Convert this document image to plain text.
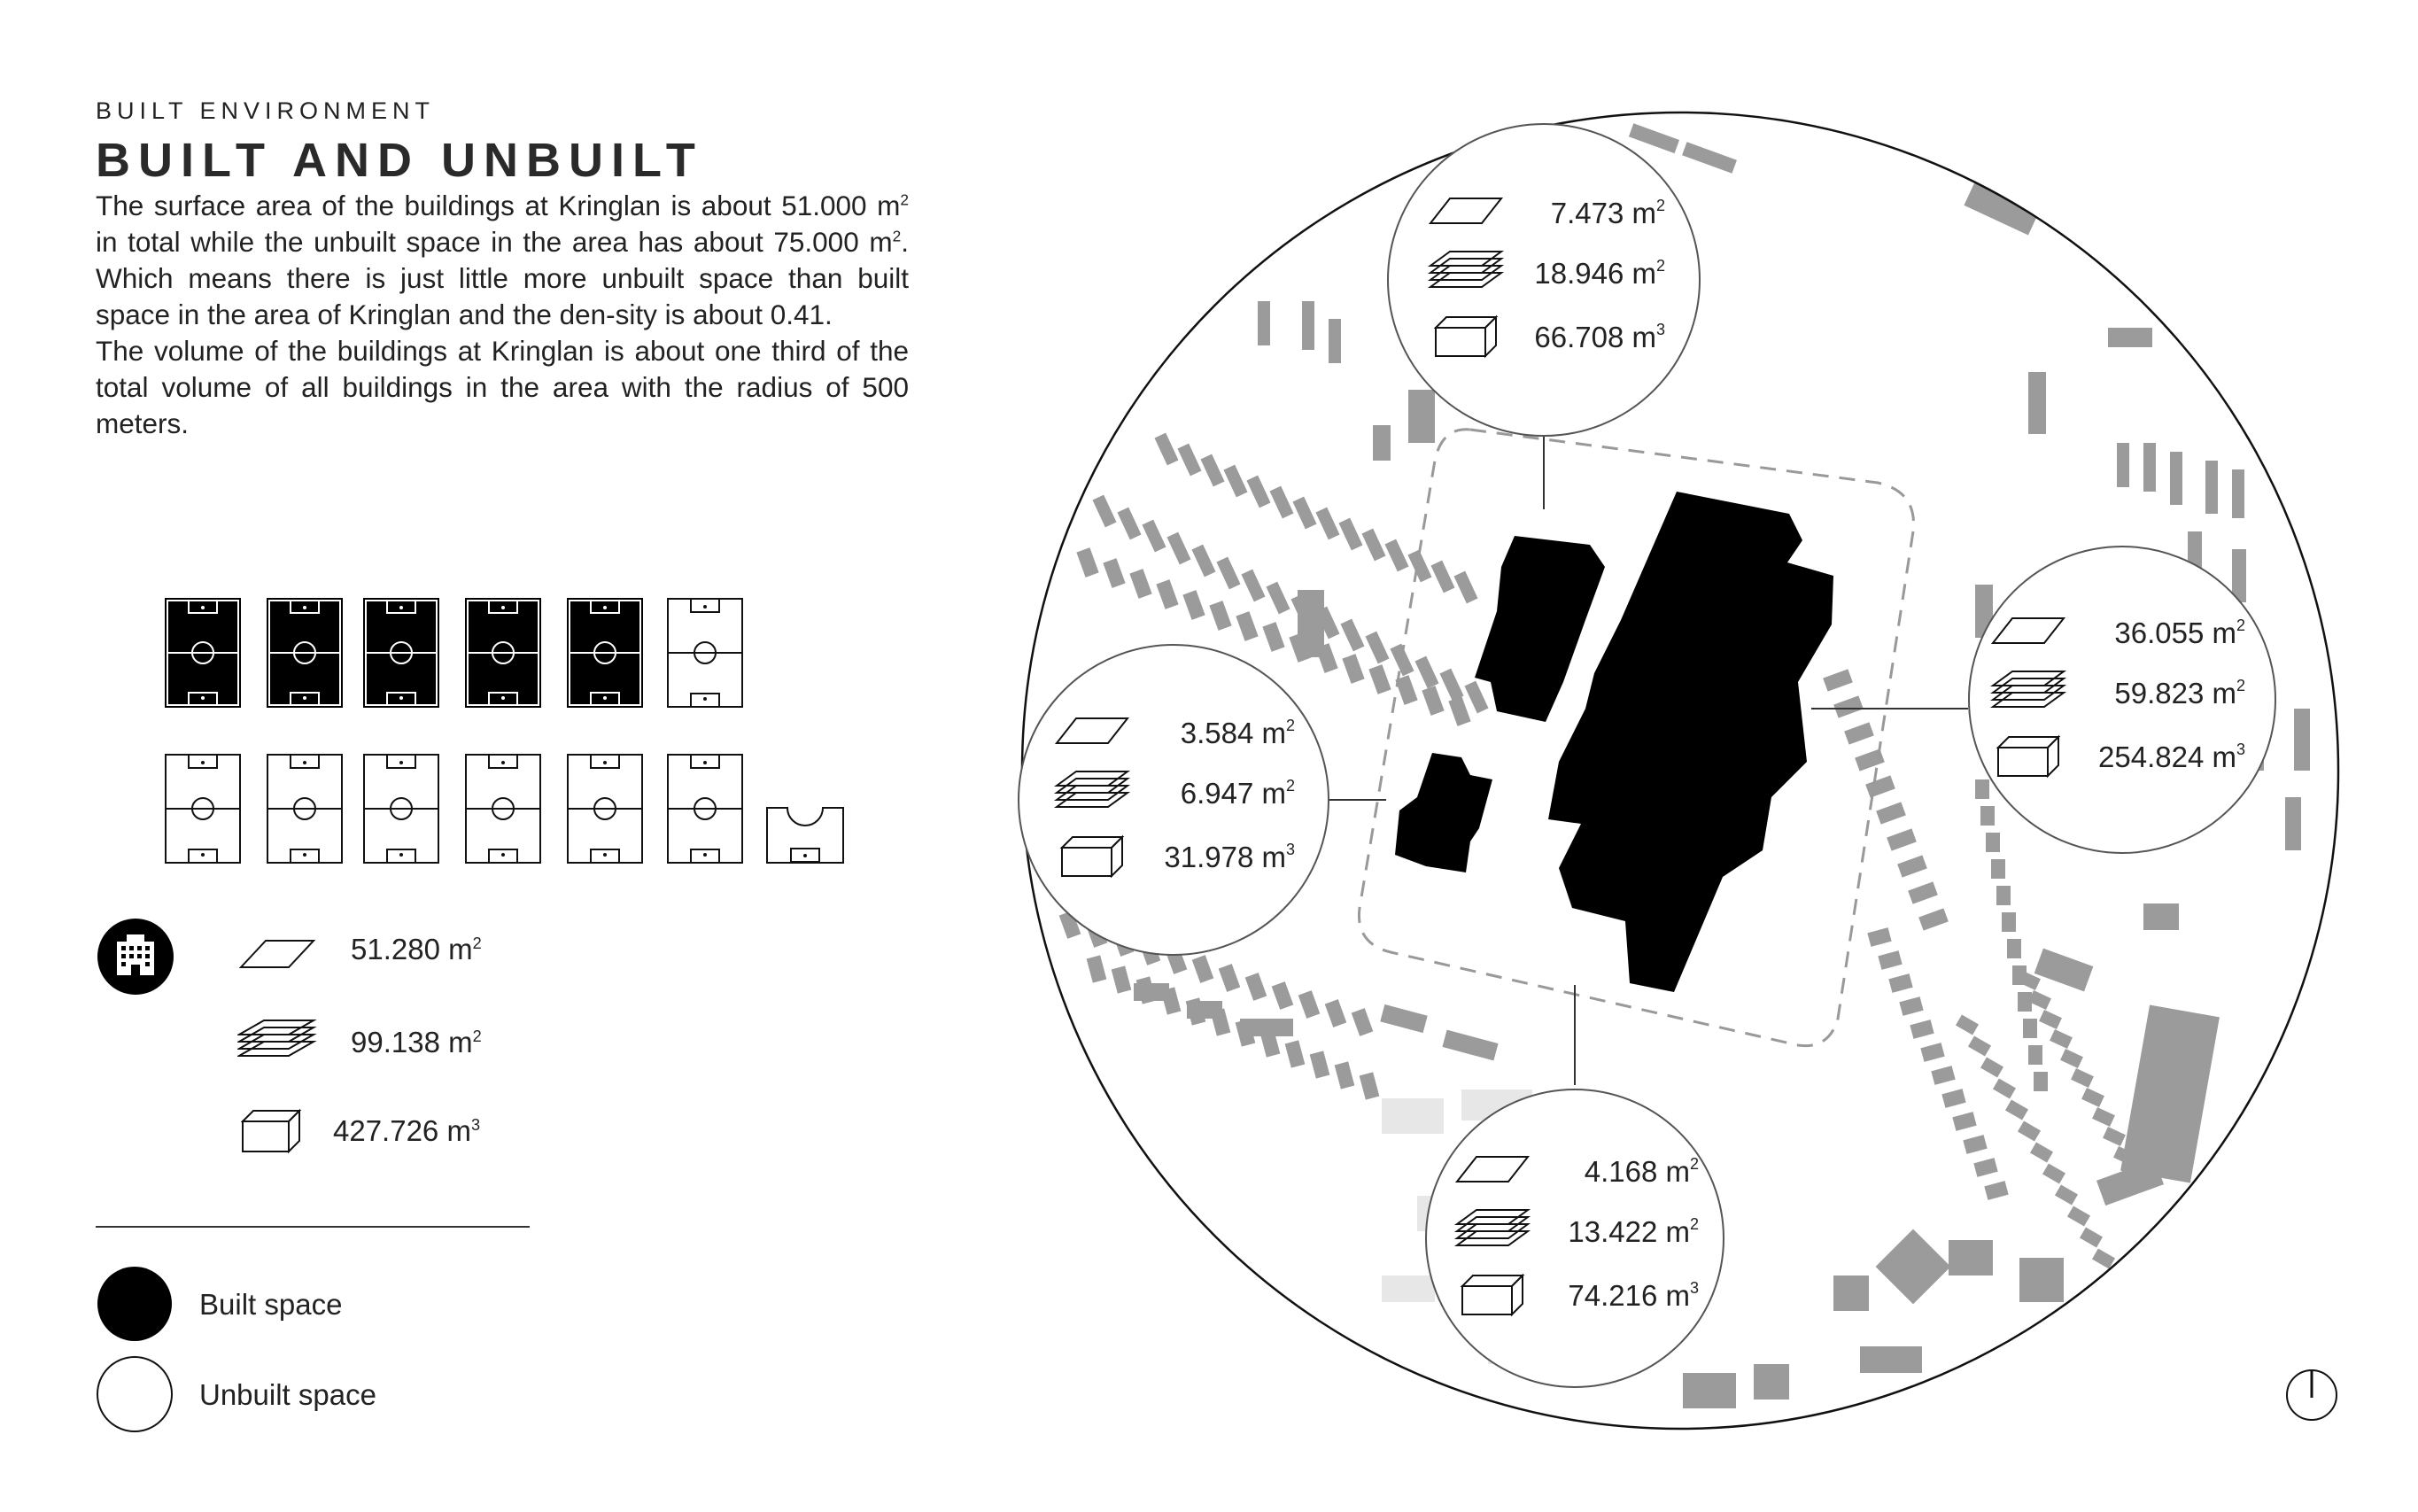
BUILT ENVIRONMENT
BUILT AND UNBUILT

The surface area of the buildings at Kringlan is about 51.000 $m^2$ in total while the unbuilt space in the area has about 75.000 $m^2$. Which means there is just little more unbuilt space than built space in the area of Kringlan and the den-sity is about 0.41.

The volume of the buildings at Kringlan is about one third of the total volume of all buildings in the area with the radius of 500 meters.

51.280 $m^2$
99.138 $m^2$
427.726 $m^3$
Built space
Unbuilt space
7.473 $m^2$
18.946 $m^2$
66.708 $m^3$
3.584 $m^2$
6.947 $m^2$
31.978 $m^3$
36.055 $m^2$
59.823 $m^2$
254.824 $m^3$
4.168 $m^2$
13.422 $m^2$
74.216 $m^3$
